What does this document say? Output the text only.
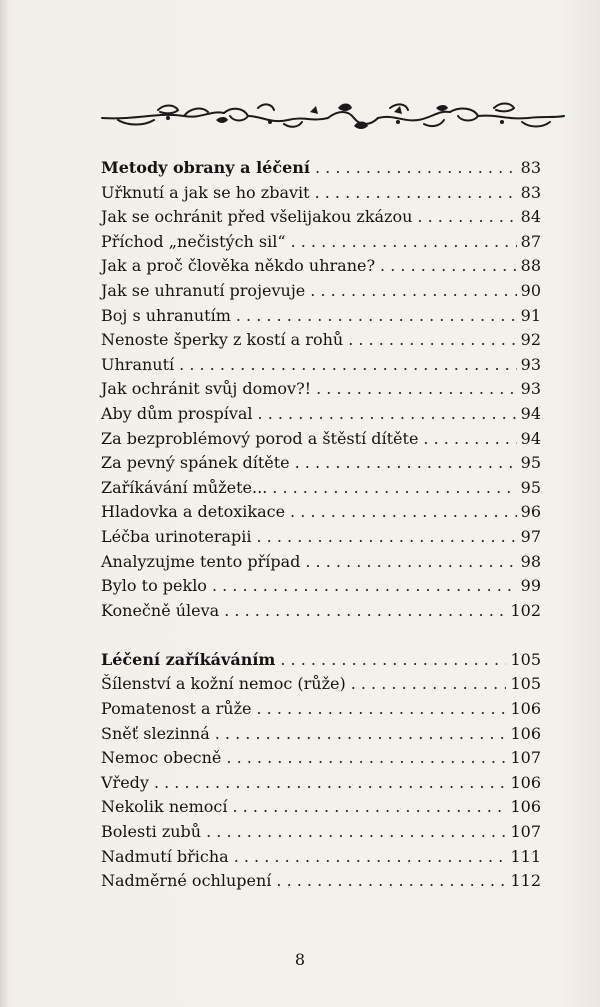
Metody obrany a léčení . . .	83
Uřknutí a jak se ho zbavit . . .	83
Jak se ochránit před všelijakou zkázou . . .	84
Příchod „nečistých sil“ . . .	87
Jak a proč člověka někdo uhrane? . . .	88
Jak se uhranutí projevuje . . .	90
Boj s uhranutím . . .	91
Nenoste šperky z kostí a rohů . . .	92
Uhranutí . . .	93
Jak ochránit svůj domov?! . . .	93
Aby dům prospíval . . .	94
Za bezproblémový porod a štěstí dítěte . . .	94
Za pevný spánek dítěte . . .	95
Zaříkávání můžete... . . .	95
Hladovka a detoxikace . . .	96
Léčba urinoterapii . . .	97
Analyzujme tento případ . . .	98
Bylo to peklo . . .	99
Konečně úleva . . .	102
Léčení zaříkáváním . . .	105
Šílenství a kožní nemoc (růže) . . .	105
Pomatenost a růže . . .	106
Sněť slezinná . . .	106
Nemoc obecně . . .	107
Vředy . . .	106
Nekolik nemocí . . .	106
Bolesti zubů . . .	107
Nadmutí břicha . . .	111
Nadměrné ochlupení . . .	112
8
